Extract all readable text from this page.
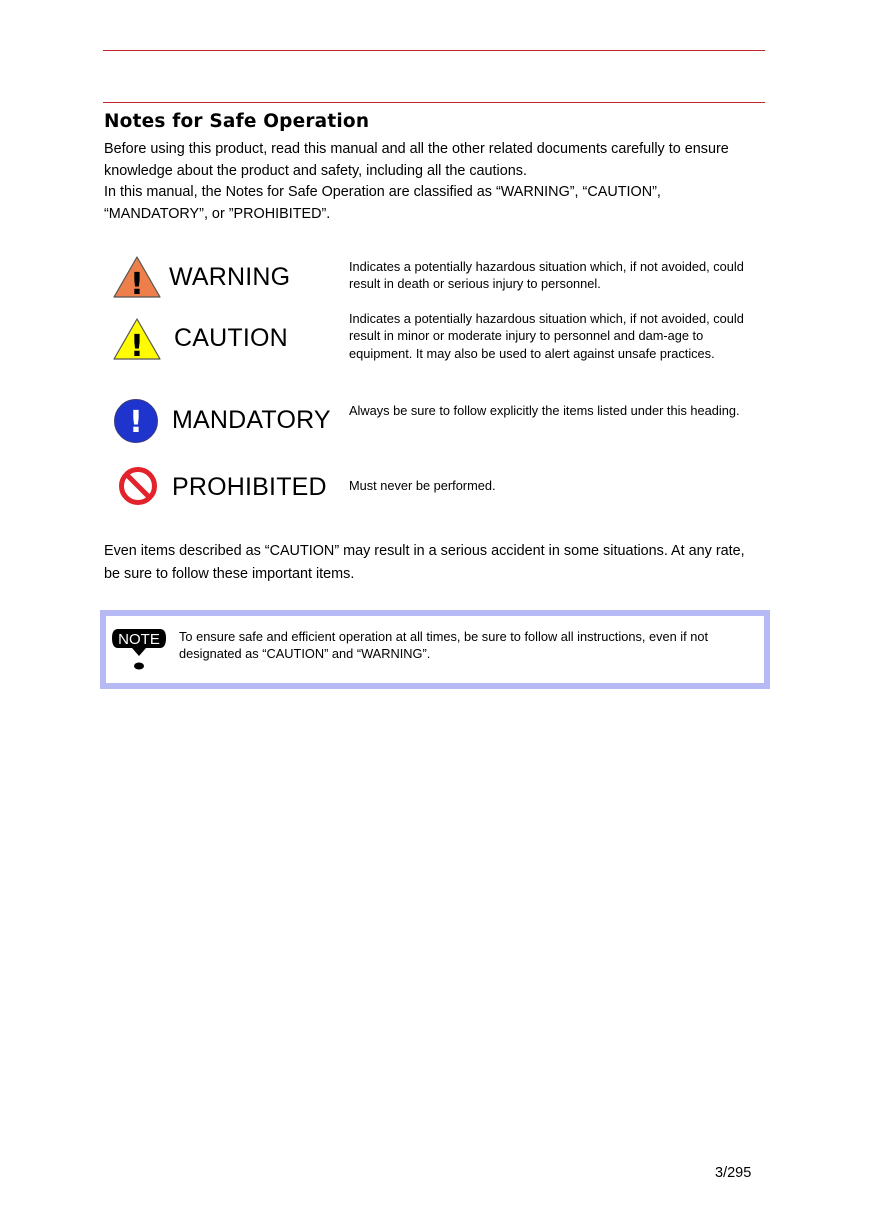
Notes for Safe Operation

Before using this product, read this manual and all the other related documents carefully to ensure knowledge about the product and safety, including all the cautions.

In this manual, the Notes for Safe Operation are classified as “WARNING”, “CAUTION”, “MANDATORY”, or ”PROHIBITED”.

! WARNING	Indicates a potentially hazardous situation which, if not avoided, could result in death or serious injury to personnel.
! CAUTION
Indicates a potentially hazardous situation which, if not avoided, could result in minor or moderate injury to personnel and dam-age to equipment. It may also be used to alert against unsafe practices.
! MANDATORY Always be sure to follow explicitly the items listed under this heading.
PROHIBITED Must never be performed.
Even items described as “CAUTION” may result in a serious accident in some situations. At any rate, be sure to follow these important items.
NOTE To ensure safe and efficient operation at all times, be sure to follow all instructions, even if not designated as “CAUTION” and “WARNING”.
3/295
